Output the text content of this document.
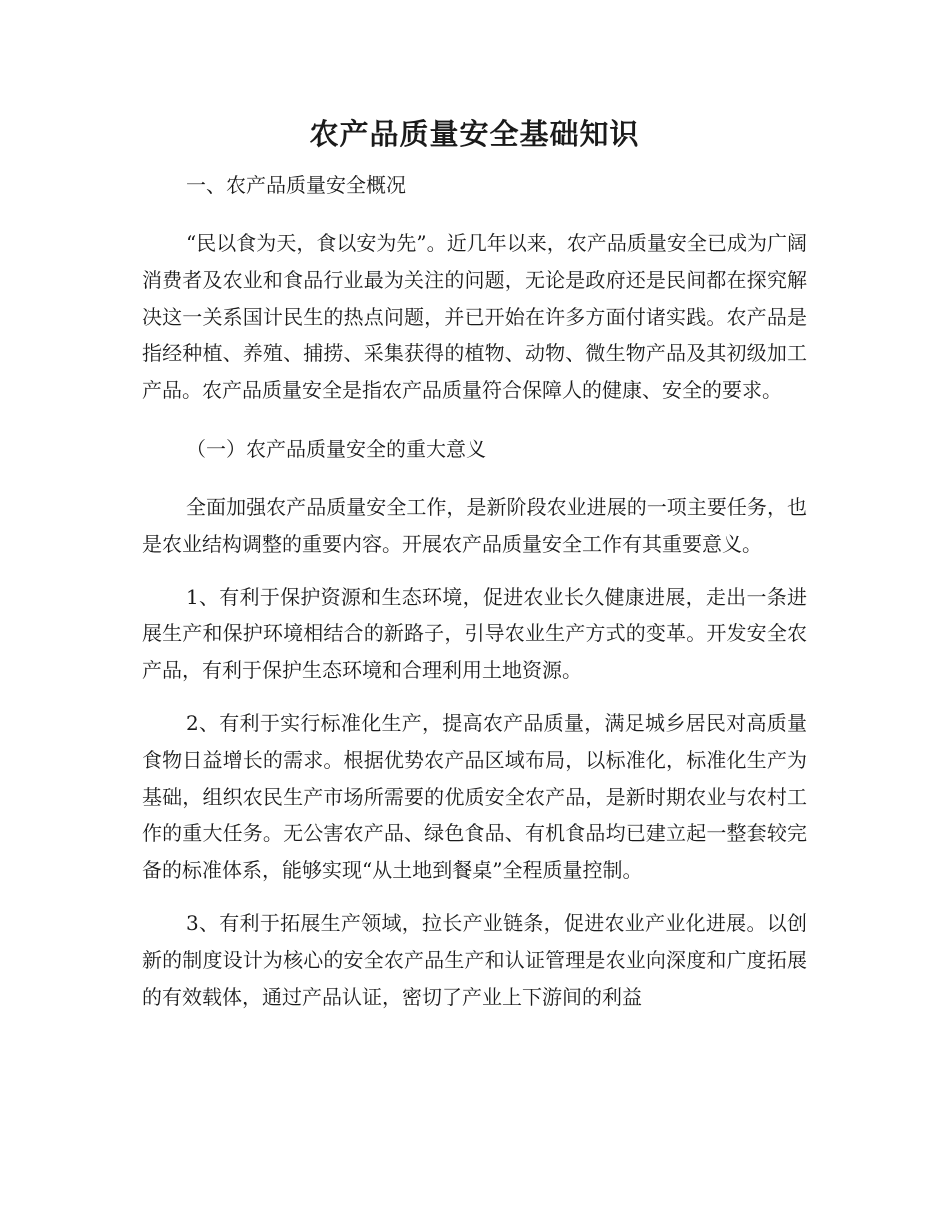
农产品质量安全基础知识

一、农产品质量安全概况

“民以食为天，食以安为先”。近几年以来，农产品质量安全已成为广阔消费者及农业和食品行业最为关注的问题，无论是政府还是民间都在探究解决这一关系国计民生的热点问题，并已开始在许多方面付诸实践。农产品是指经种植、养殖、捕捞、采集获得的植物、动物、微生物产品及其初级加工产品。农产品质量安全是指农产品质量符合保障人的健康、安全的要求。

（一）农产品质量安全的重大意义

全面加强农产品质量安全工作，是新阶段农业进展的一项主要任务，也是农业结构调整的重要内容。开展农产品质量安全工作有其重要意义。

1、有利于保护资源和生态环境，促进农业长久健康进展，走出一条进展生产和保护环境相结合的新路子，引导农业生产方式的变革。开发安全农产品，有利于保护生态环境和合理利用土地资源。

2、有利于实行标准化生产，提高农产品质量，满足城乡居民对高质量食物日益增长的需求。根据优势农产品区域布局，以标准化，标准化生产为基础，组织农民生产市场所需要的优质安全农产品，是新时期农业与农村工作的重大任务。无公害农产品、绿色食品、有机食品均已建立起一整套较完备的标准体系，能够实现“从土地到餐桌”全程质量控制。

3、有利于拓展生产领域，拉长产业链条，促进农业产业化进展。以创新的制度设计为核心的安全农产品生产和认证管理是农业向深度和广度拓展的有效载体，通过产品认证，密切了产业上下游间的利益
